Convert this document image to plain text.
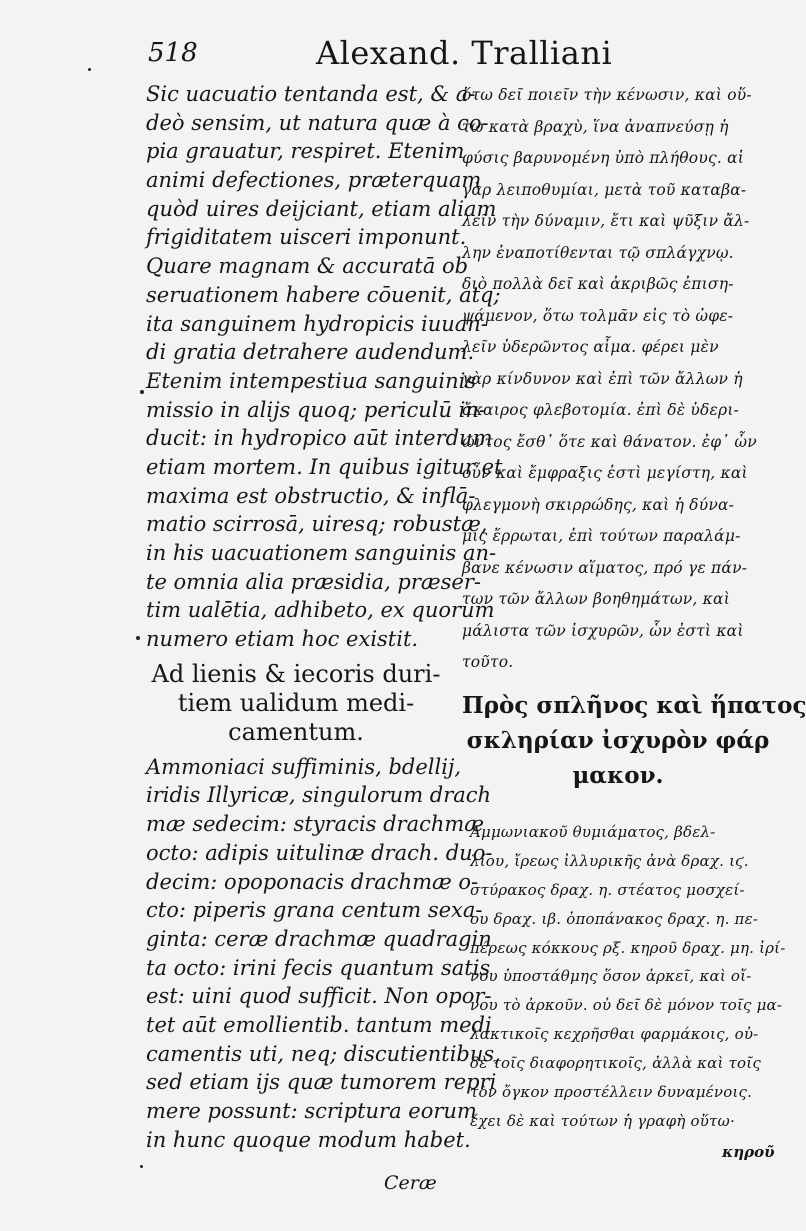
518	Alexand. Tralliani
Sic uacuatio tentanda est, & a-
deò sensim, ut natura quæ à co-
pia grauatur, respiret. Etenim
animi defectiones, præterquam
quòd uires deijciant, etiam aliam
frigiditatem uisceri imponunt.
Quare magnam & accuratā ob
seruationem habere cōuenit, atq;
ita sanguinem hydropicis iuuan-
di gratia detrahere audendum.
Etenim intempestiua sanguinis
missio in alijs quoq; periculū in-
ducit: in hydropico aūt interdum
etiam mortem. In quibus igitur et
maxima est obstructio, & inflā-
matio scirrosā, uiresq; robustæ,
in his uacuationem sanguinis an-
te omnia alia præsidia, præser-
tim ualētia, adhibeto, ex quorum
numero etiam hoc existit.
Ad lienis & iecoris duri-
tiem ualidum medi-
camentum.
Ammoniaci suffiminis, bdellij,
iridis Illyricæ, singulorum drach
mæ sedecim: styracis drachmæ
octo: adipis uitulinæ drach. duo-
decim: opoponacis drachmæ o-
cto: piperis grana centum sexa-
ginta: ceræ drachmæ quadragin
ta octo: irini fecis quantum satis
est: uini quod sufficit. Non opor-
tet aūt emollientib. tantum medi
camentis uti, neq; discutientibus,
sed etiam ijs quæ tumorem repri
mere possunt: scriptura eorum
in hunc quoque modum habet.
Ceræ
ὅτω δεῖ ποιεῖν τὴν κένωσιν, καὶ οὕ-
τω κατὰ βραχὺ, ἵνα ἀναπνεύσῃ ἡ
φύσις βαρυνομένη ὑπὸ πλήθους. αἱ
γὰρ λειποθυμίαι, μετὰ τοῦ καταβα-
λεῖν τὴν δύναμιν, ἔτι καὶ ψῦξιν ἄλ-
λην ἐναποτίθενται τῷ σπλάγχνῳ.
διὸ πολλὰ δεῖ καὶ ἀκριβῶς ἐπιση-
ψάμενον, ὅτω τολμᾶν εἰς τὸ ὠφε-
λεῖν ὑδερῶντος αἷμα. φέρει μὲν
γὰρ κίνδυνον καὶ ἐπὶ τῶν ἄλλων ἡ
ἄκαιρος φλεβοτομία. ἐπὶ δὲ ὑδερι-
ῶντος ἔσθ᾽ ὅτε καὶ θάνατον. ἐφ᾽ ὧν
οὖν καὶ ἔμφραξις ἐστὶ μεγίστη, καὶ
φλεγμονὴ σκιρρώδης, καὶ ἡ δύνα-
μις ἔρρωται, ἐπὶ τούτων παραλάμ-
βανε κένωσιν αἵματος, πρό γε πάν-
των τῶν ἄλλων βοηθημάτων, καὶ
μάλιστα τῶν ἰσχυρῶν, ὧν ἐστὶ καὶ
τοῦτο.
Πρὸς σπλῆνος καὶ ἥπατος
σκληρίαν ἰσχυρὸν φάρ
μακον.
Ἀμμωνιακοῦ θυμιάματος, βδελ-
λίου, ἴρεως ἰλλυρικῆς ἀνὰ δραχ. ιϛ.
στύρακος δραχ. η. στέατος μοσχεί-
ου δραχ. ιβ. ὀποπάνακος δραχ. η. πε-
πέρεως κόκκους ρξ. κηροῦ δραχ. μη. ἰρί-
νου ὑποστάθμης ὅσον ἀρκεῖ, καὶ οἴ-
νου τὸ ἀρκοῦν. οὐ δεῖ δὲ μόνον τοῖς μα-
λακτικοῖς κεχρῆσθαι φαρμάκοις, οὐ-
δὲ τοῖς διαφορητικοῖς, ἀλλὰ καὶ τοῖς
τὸν ὄγκον προστέλλειν δυναμένοις.
ἔχει δὲ καὶ τούτων ἡ γραφὴ οὕτω·
κηροῦ
